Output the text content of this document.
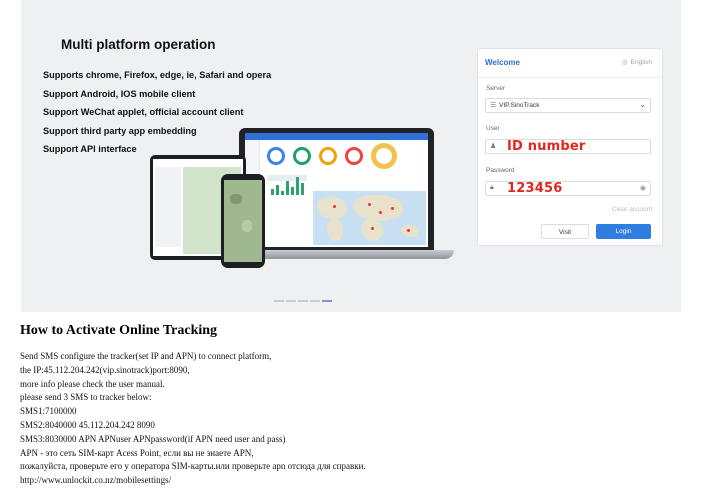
Multi platform operation
Supports chrome, Firefox, edge, ie, Safari and opera
Support Android, IOS mobile client
Support WeChat applet, official account client
Support third party app embedding
Support API interface
Welcome	◎ English
Server
☰ VIP.SinoTrack	⌄
User
♟ ID number
Password
🔒︎ 123456	◉
Clear account
Visit	Login
How to Activate Online Tracking
Send SMS configure the tracker(set IP and APN) to connect platform,
the IP:45.112.204.242(vip.sinotrack)port:8090,
more info please check the user manual.
please send 3 SMS to tracker below:
SMS1:7100000
SMS2:8040000 45.112.204.242 8090
SMS3:8030000 APN APNuser APNpassword(if APN need user and pass)
APN - это сеть SIM-карт Acess Point, если вы не знаете APN,
пожалуйста, проверьте его у оператора SIM-карты.или проверьте apn отсюда для справки.
http://www.unlockit.co.nz/mobilesettings/
